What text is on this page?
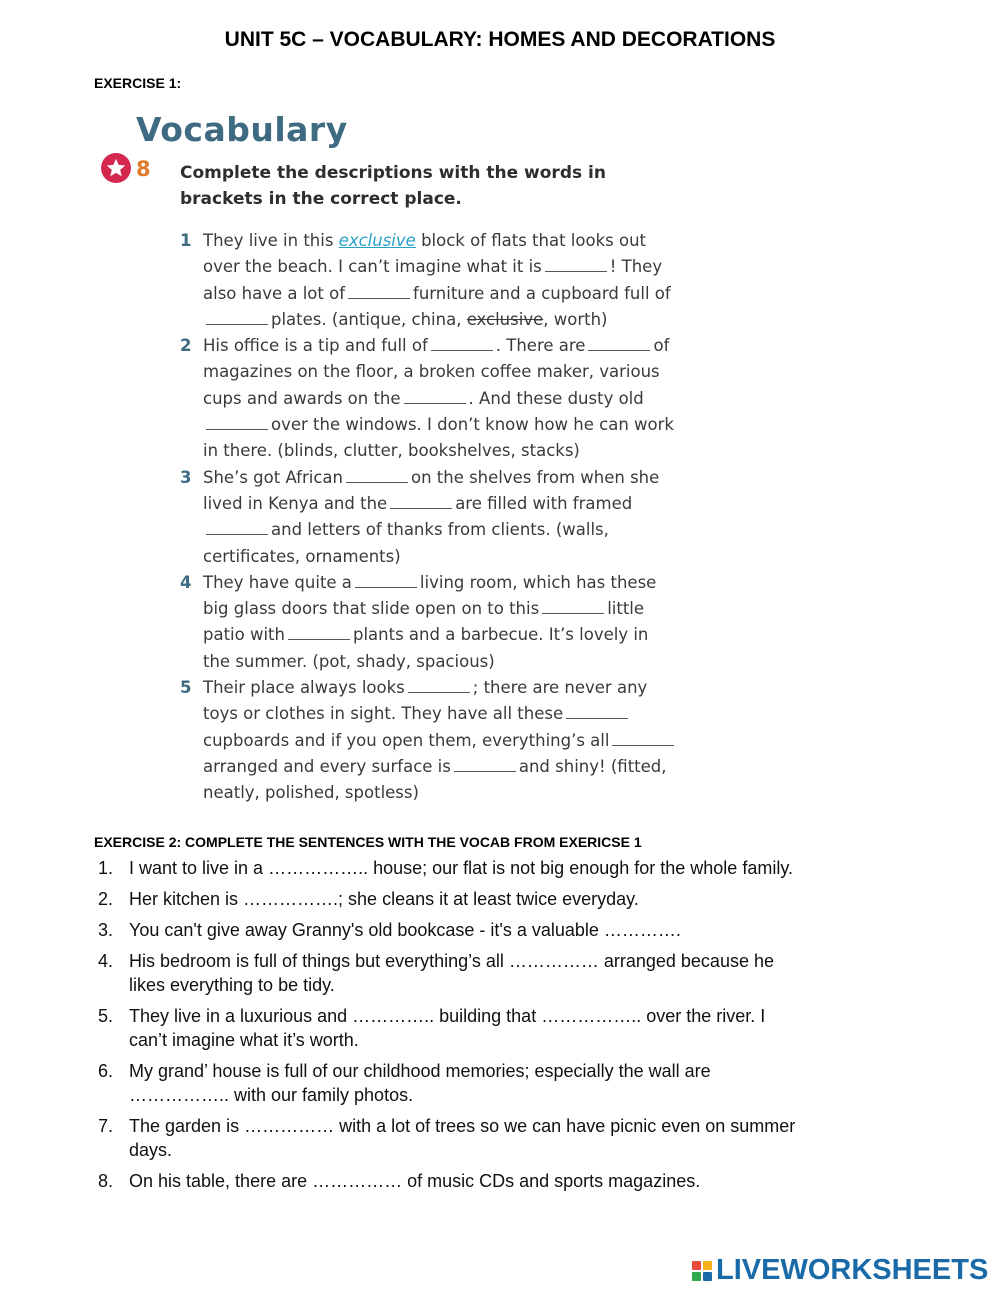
UNIT 5C – VOCABULARY: HOMES AND DECORATIONS
EXERCISE 1:
Vocabulary
8 Complete the descriptions with the words in brackets in the correct place.
1 They live in this exclusive block of flats that looks out over the beach. I can’t imagine what it is	! They also have a lot of	furniture and a cupboard full of plates. (antique, china, exclusive, worth)
2 His office is a tip and full of	. There are	of magazines on the floor, a broken coffee maker, various cups and awards on the	. And these dusty old over the windows. I don’t know how he can work in there. (blinds, clutter, bookshelves, stacks)
3 She’s got African	on the shelves from when she lived in Kenya and the	are filled with framed and letters of thanks from clients. (walls, certificates, ornaments)
4 They have quite a	living room, which has these big glass doors that slide open on to this	little patio with	plants and a barbecue. It’s lovely in the summer. (pot, shady, spacious)
5 Their place always looks	; there are never any toys or clothes in sight. They have all these cupboards and if you open them, everything’s all arranged and every surface is	and shiny! (fitted, neatly, polished, spotless)
EXERCISE 2: COMPLETE THE SENTENCES WITH THE VOCAB FROM EXERICSE 1
1. I want to live in a …………….. house; our flat is not big enough for the whole family.
2. Her kitchen is …………….; she cleans it at least twice everyday.
3. You can't give away Granny's old bookcase - it's a valuable ………….
4. His bedroom is full of things but everything’s all …………… arranged because he likes everything to be tidy.
5. They live in a luxurious and ………….. building that …………….. over the river. I can’t imagine what it’s worth.
6. My grand’ house is full of our childhood memories; especially the wall are …………….. with our family photos.
7. The garden is …………… with a lot of trees so we can have picnic even on summer days.
8. On his table, there are …………… of music CDs and sports magazines.
LIVEWORKSHEETS
